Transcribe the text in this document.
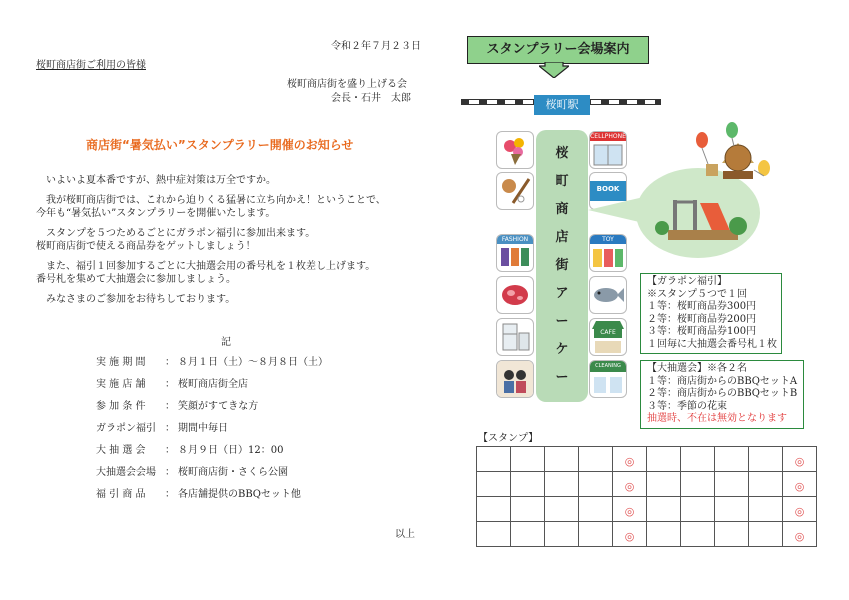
令和２年７月２３日
桜町商店街ご利用の皆様
桜町商店街を盛り上げる会
会長・石井　太郎
商店街“暑気払い”スタンプラリー開催のお知らせ
いよいよ夏本番ですが、熱中症対策は万全ですか。
我が桜町商店街では、これから迫りくる猛暑に立ち向かえ！ということで、
今年も“暑気払い”スタンプラリーを開催いたします。
スタンプを５つためるごとにガラポン福引に参加出来ます。
桜町商店街で使える商品券をゲットしましょう！
また、福引１回参加するごとに大抽選会用の番号札を１枚差し上げます。
番号札を集めて大抽選会に参加しましょう。
みなさまのご参加をお待ちしております。
記
実 施 期 間 ： ８月１日（土）～８月８日（土）
実 施 店 舗 ： 桜町商店街全店
参 加 条 件 ： 笑顔がすてきな方
ガラポン福引 ： 期間中毎日
大 抽 選 会 ： ８月９日（日）12：00
大抽選会会場 ： 桜町商店街・さくら公園
福 引 商 品 ： 各店舗提供のBBQセット他
以上
スタンプラリー会場案内
桜町駅
桜
町
商
店
街
ア
ー
ケ
ー
FASHION
CELLPHONE
BOOK
TOY
CAFE
CLEANING
【ガラポン福引】
※スタンプ５つで１回
１等：桜町商品券300円
２等：桜町商品券200円
３等：桜町商品券100円
１回毎に大抽選会番号札１枚
【大抽選会】※各２名
１等：商店街からのBBQセットA
２等：商店街からのBBQセットB
３等：季節の花束
抽選時、不在は無効となります
【スタンプ】
				◎					◎
				◎					◎
				◎					◎
				◎					◎
